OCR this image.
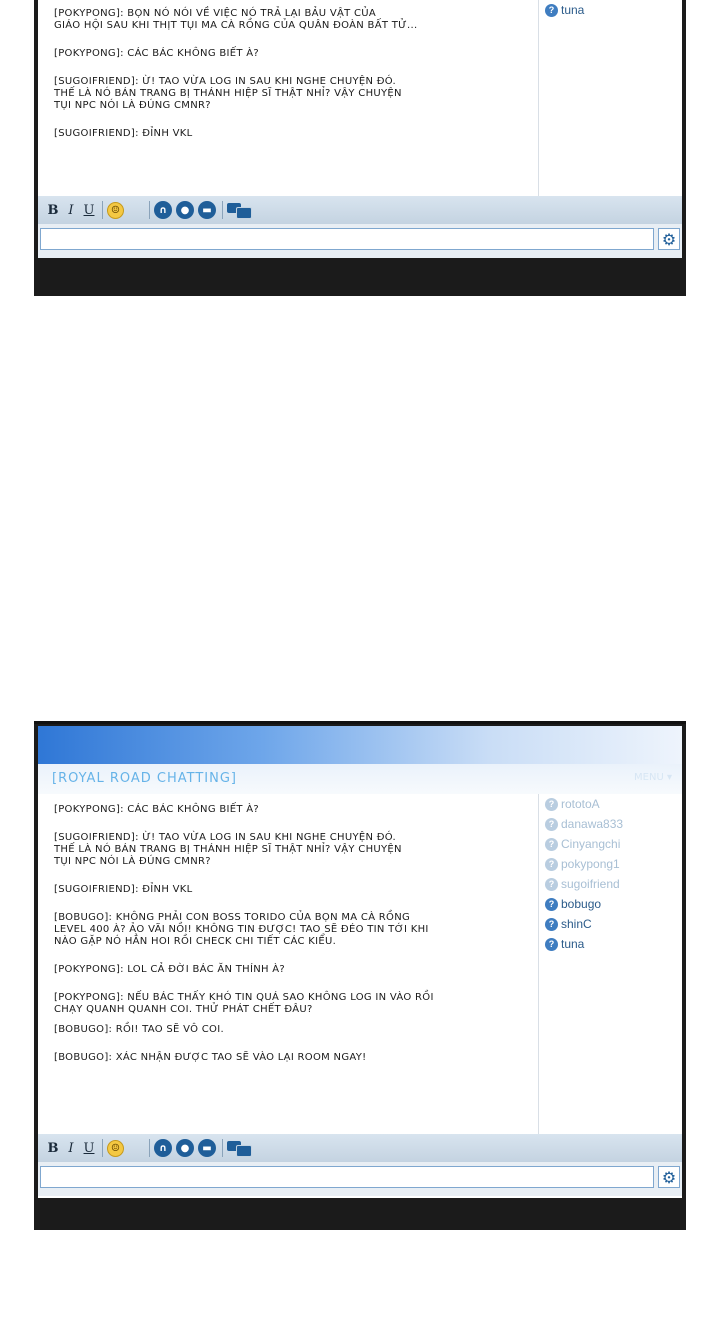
[POKYPONG]: BỌN NÓ NÓI VỀ VIỆC NÓ TRẢ LẠI BẢU VẬT CỦA
GIÁO HỘI SAU KHI THỊT TỤI MA CÀ RỒNG CỦA QUÂN ĐOÀN BẤT TỬ...
[POKYPONG]: CÁC BÁC KHÔNG BIẾT À?
[SUGOIFRIEND]: Ừ! TAO VỪA LOG IN SAU KHI NGHE CHUYỆN ĐÓ.
THẾ LÀ NÓ BÁN TRANG BỊ THÁNH HIỆP SĨ THẬT NHỈ? VẬY CHUYỆN
TỤI NPC NÓI LÀ ĐÚNG CMNR?
[SUGOIFRIEND]: ĐỈNH VKL
? tuna
B I U	☺	∩	●	▬
⚙
[ROYAL ROAD CHATTING]	MENU ▾
[POKYPONG]: CÁC BÁC KHÔNG BIẾT À?
[SUGOIFRIEND]: Ừ! TAO VỪA LOG IN SAU KHI NGHE CHUYỆN ĐÓ.
THẾ LÀ NÓ BÁN TRANG BỊ THÁNH HIỆP SĨ THẬT NHỈ? VẬY CHUYỆN
TỤI NPC NÓI LÀ ĐÚNG CMNR?
[SUGOIFRIEND]: ĐỈNH VKL
[BOBUGO]: KHÔNG PHẢI CON BOSS TORIDO CỦA BỌN MA CÀ RỒNG
LEVEL 400 À? ẢO VÃI NỒI! KHÔNG TIN ĐƯỢC! TAO SẼ ĐÉO TIN TỚI KHI
NÀO GẶP NÓ HẲN HOI RỒI CHECK CHI TIẾT CÁC KIỂU.
[POKYPONG]: LOL CẢ ĐỜI BÁC ĂN THÍNH À?
[POKYPONG]: NẾU BÁC THẤY KHÓ TIN QUÁ SAO KHÔNG LOG IN VÀO RỒI
CHẠY QUANH QUANH COI. THỬ PHÁT CHẾT ĐÂU?
[BOBUGO]: RỒI! TAO SẼ VÔ COI.
[BOBUGO]: XÁC NHẬN ĐƯỢC TAO SẼ VÀO LẠI ROOM NGAY!
? rototoA
? danawa833
? Cinyangchi
? pokypong1
? sugoifriend
? bobugo
? shinC
? tuna
B I U	☺	∩	●	▬
⚙
